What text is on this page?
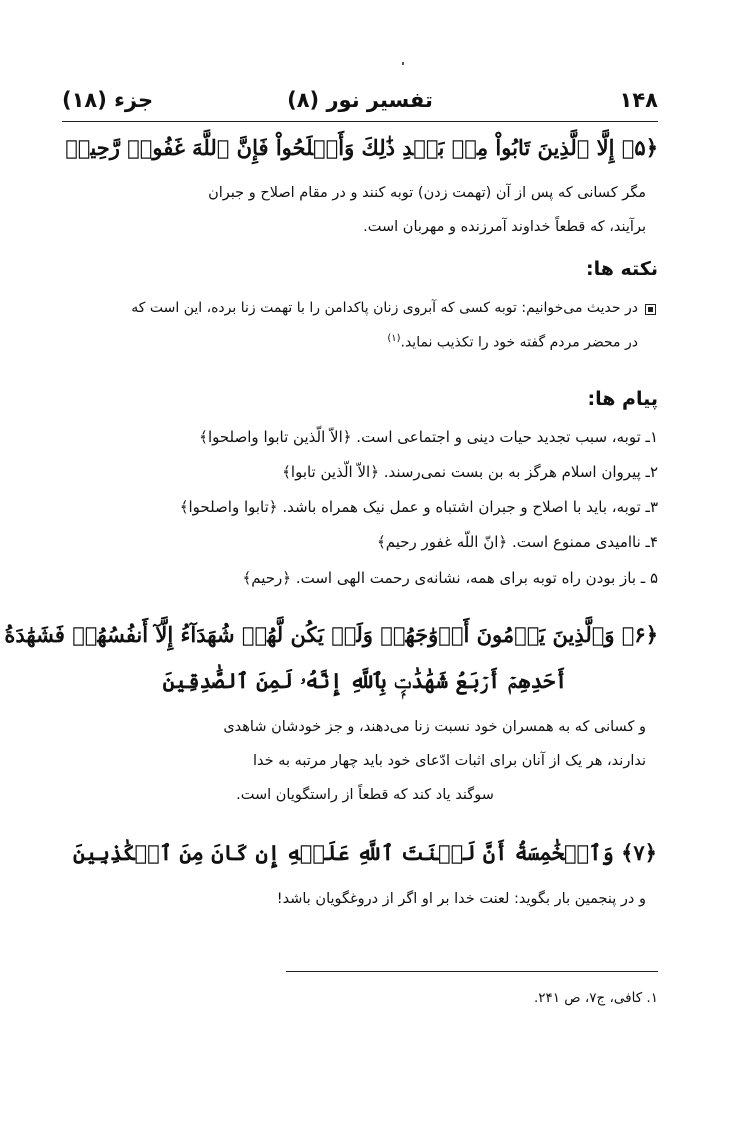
۱۴۸
تفسیر نور (۸)
جزء (۱۸)
﴿۵﴾ إِلَّا ٱلَّذِينَ تَابُواْ مِنۢ بَعۡدِ ذَٰلِكَ وَأَصۡلَحُواْ فَإِنَّ ٱللَّهَ غَفُورٞ رَّحِيمٞ
مگر کسانی که پس از آن (تهمت زدن) توبه کنند و در مقام اصلاح و جبران
برآیند، که قطعاً خداوند آمرزنده و مهربان است.
نکته ها:
در حدیث می‌خوانیم: توبه کسی که آبروی زنان پاکدامن را با تهمت زنا برده، این است که
در محضر مردم گفته خود را تکذیب نماید.$^{(۱)}$
پیام ها:
۱ـ توبه، سبب تجدید حیات دینی و اجتماعی است. ﴿الاّ الّذین تابوا واصلحوا﴾
۲ـ پیروان اسلام هرگز به بن بست نمی‌رسند. ﴿الاّ الّذین تابوا﴾
۳ـ توبه، باید با اصلاح و جبران اشتباه و عمل نیک همراه باشد. ﴿تابوا واصلحوا﴾
۴ـ ناامیدی ممنوع است. ﴿انّ اللّه غفور رحیم﴾
۵ ـ باز بودن راه توبه برای همه، نشانه‌ی رحمت الهی است. ﴿رحیم﴾
﴿۶﴾ وَٱلَّذِينَ يَرۡمُونَ أَزۡوَٰجَهُمۡ وَلَمۡ يَكُن لَّهُمۡ شُهَدَآءُ إِلَّآ أَنفُسُهُمۡ فَشَهَٰدَةُ
أَحَدِهِمۡ أَرۡبَعُ شَهَٰدَٰتِۭ بِٱللَّهِ إِنَّهُۥ لَمِنَ ٱلصَّٰدِقِينَ
و کسانی که به همسران خود نسبت زنا می‌دهند، و جز خودشان شاهدی
ندارند، هر یک از آنان برای اثبات ادّعای خود باید چهار مرتبه به خدا
سوگند یاد کند که قطعاً از راستگویان است.
﴿۷﴾ وَٱلۡخَٰمِسَةُ أَنَّ لَعۡنَتَ ٱللَّهِ عَلَيۡهِ إِن كَانَ مِنَ ٱلۡكَٰذِبِينَ
و در پنجمین بار بگوید: لعنت خدا بر او اگر از دروغگویان باشد!
۱. کافی، ج۷، ص ۲۴۱.
